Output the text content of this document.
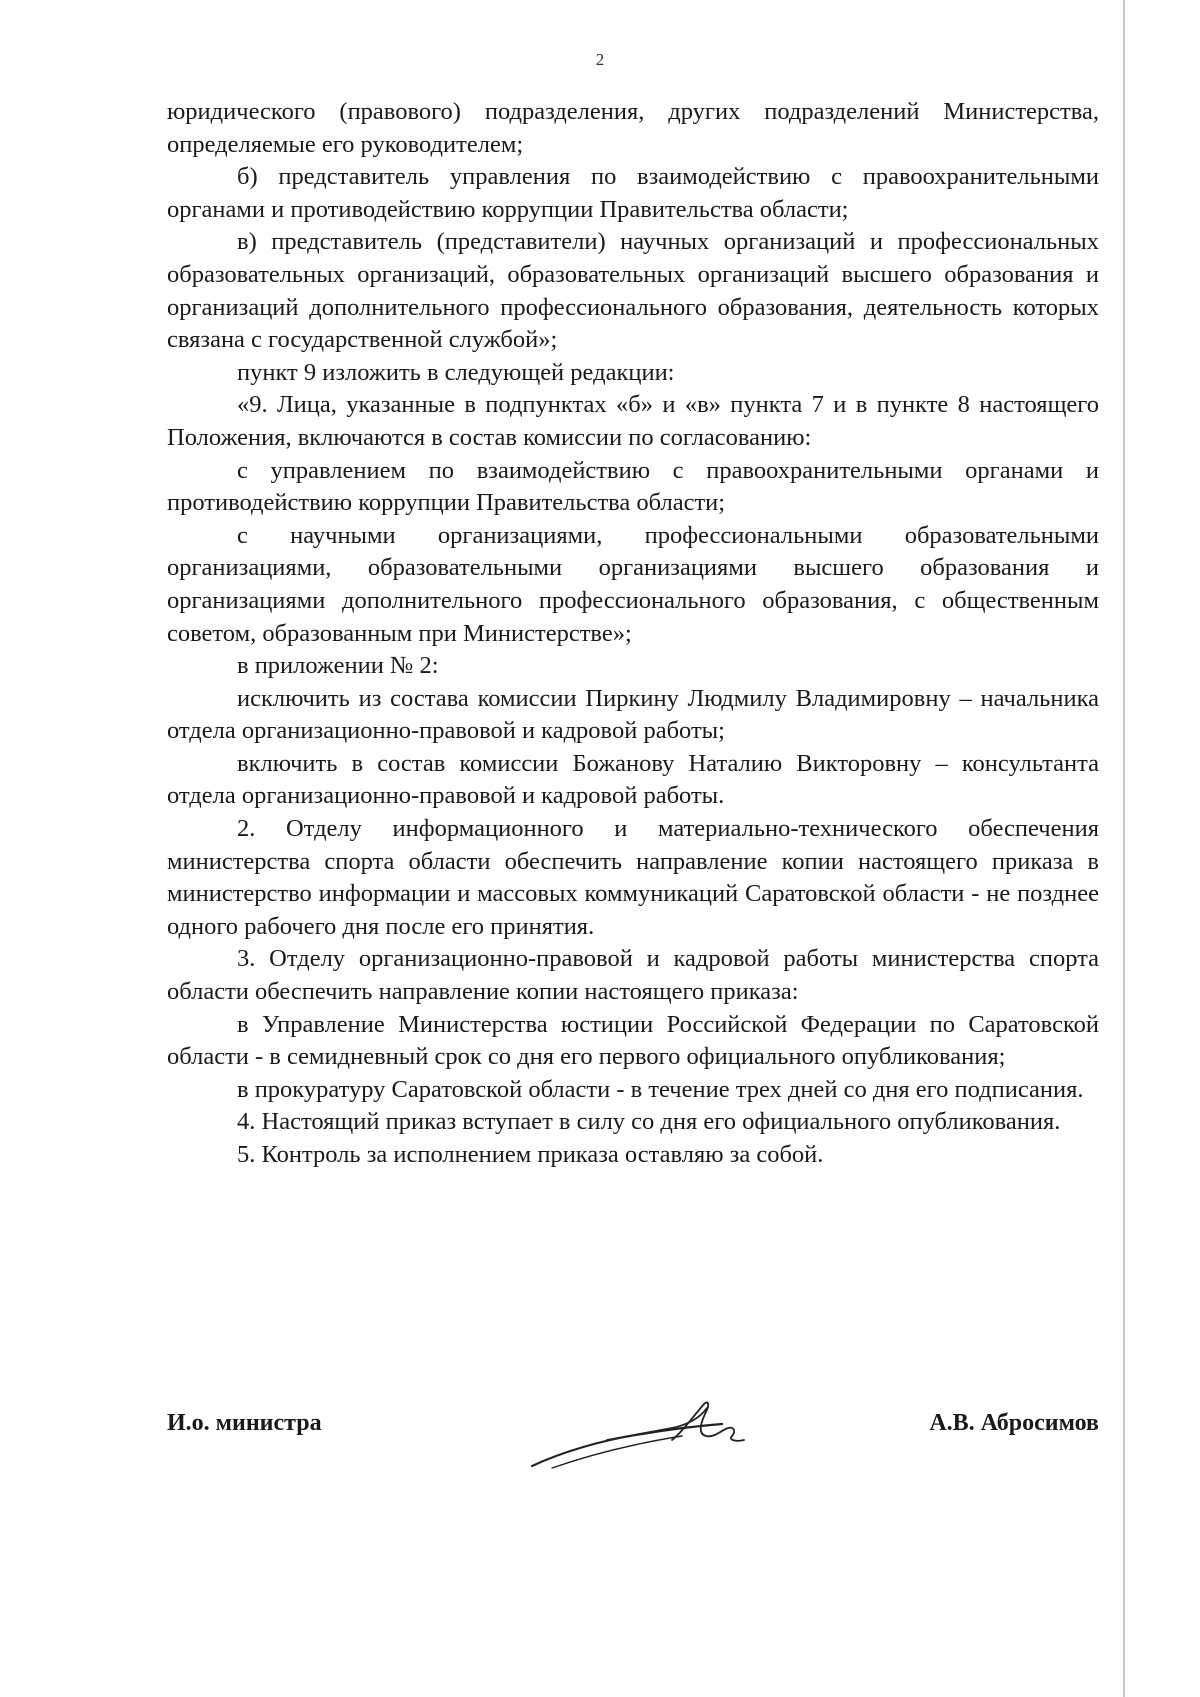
2

юридического (правового) подразделения, других подразделений Министерства, определяемые его руководителем;

б) представитель управления по взаимодействию с правоохранительными органами и противодействию коррупции Правительства области;

в) представитель (представители) научных организаций и профессиональных образовательных организаций, образовательных организаций высшего образования и организаций дополнительного профессионального образования, деятельность которых связана с государственной службой»;

пункт 9 изложить в следующей редакции:

«9. Лица, указанные в подпунктах «б» и «в» пункта 7 и в пункте 8 настоящего Положения, включаются в состав комиссии по согласованию:

с управлением по взаимодействию с правоохранительными органами и противодействию коррупции Правительства области;

с научными организациями, профессиональными образовательными организациями, образовательными организациями высшего образования и организациями дополнительного профессионального образования, с общественным советом, образованным при Министерстве»;

в приложении № 2:

исключить из состава комиссии Пиркину Людмилу Владимировну – начальника отдела организационно-правовой и кадровой работы;

включить в состав комиссии Божанову Наталию Викторовну – консультанта отдела организационно-правовой и кадровой работы.

2. Отделу информационного и материально-технического обеспечения министерства спорта области обеспечить направление копии настоящего приказа в министерство информации и массовых коммуникаций Саратовской области - не позднее одного рабочего дня после его принятия.

3. Отделу организационно-правовой и кадровой работы министерства спорта области обеспечить направление копии настоящего приказа:

в Управление Министерства юстиции Российской Федерации по Саратовской области - в семидневный срок со дня его первого официального опубликования;

в прокуратуру Саратовской области - в течение трех дней со дня его подписания.

4. Настоящий приказ вступает в силу со дня его официального опубликования.

5. Контроль за исполнением приказа оставляю за собой.

И.о. министра	А.В. Абросимов
